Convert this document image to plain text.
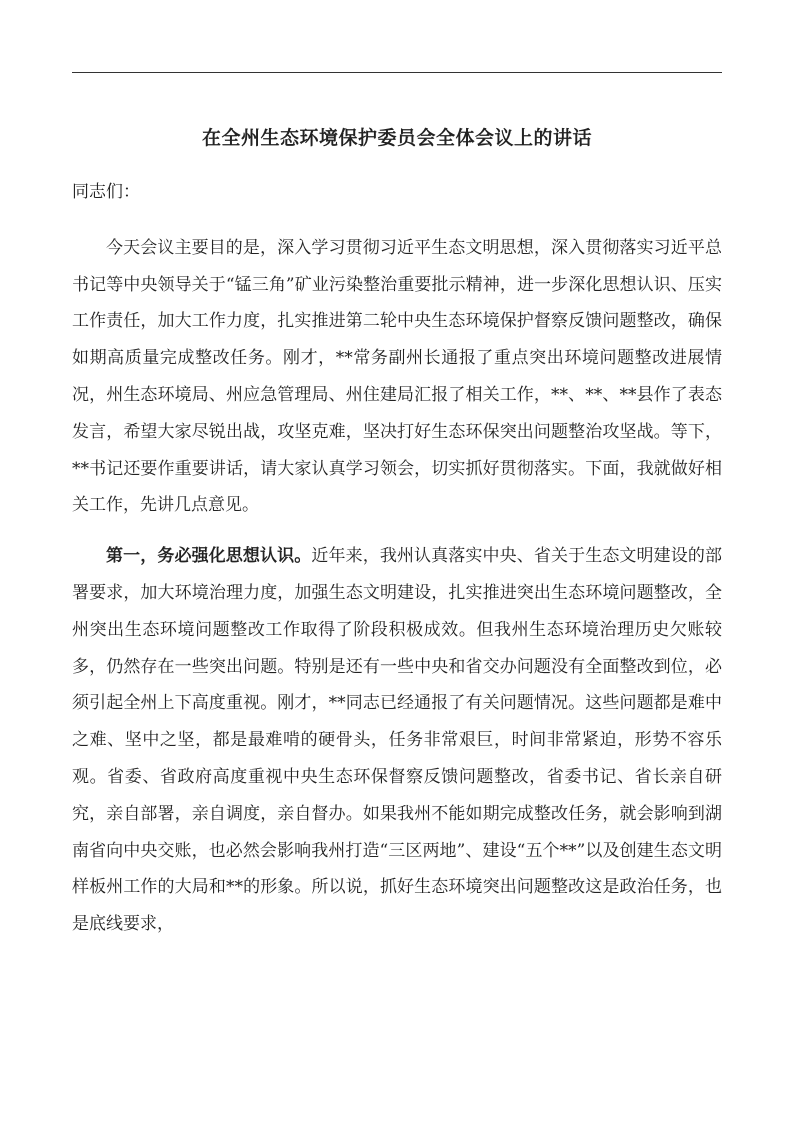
在全州生态环境保护委员会全体会议上的讲话

同志们：

今天会议主要目的是，深入学习贯彻习近平生态文明思想，深入贯彻落实习近平总书记等中央领导关于“锰三角”矿业污染整治重要批示精神，进一步深化思想认识、压实工作责任，加大工作力度，扎实推进第二轮中央生态环境保护督察反馈问题整改，确保如期高质量完成整改任务。刚才，**常务副州长通报了重点突出环境问题整改进展情况，州生态环境局、州应急管理局、州住建局汇报了相关工作，**、**、**县作了表态发言，希望大家尽锐出战，攻坚克难，坚决打好生态环保突出问题整治攻坚战。等下，**书记还要作重要讲话，请大家认真学习领会，切实抓好贯彻落实。下面，我就做好相关工作，先讲几点意见。

第一，务必强化思想认识。近年来，我州认真落实中央、省关于生态文明建设的部署要求，加大环境治理力度，加强生态文明建设，扎实推进突出生态环境问题整改，全州突出生态环境问题整改工作取得了阶段积极成效。但我州生态环境治理历史欠账较多，仍然存在一些突出问题。特别是还有一些中央和省交办问题没有全面整改到位，必须引起全州上下高度重视。刚才，**同志已经通报了有关问题情况。这些问题都是难中之难、坚中之坚，都是最难啃的硬骨头，任务非常艰巨，时间非常紧迫，形势不容乐观。省委、省政府高度重视中央生态环保督察反馈问题整改，省委书记、省长亲自研究，亲自部署，亲自调度，亲自督办。如果我州不能如期完成整改任务，就会影响到湖南省向中央交账，也必然会影响我州打造“三区两地”、建设“五个**”以及创建生态文明样板州工作的大局和**的形象。所以说，抓好生态环境突出问题整改这是政治任务，也是底线要求，
